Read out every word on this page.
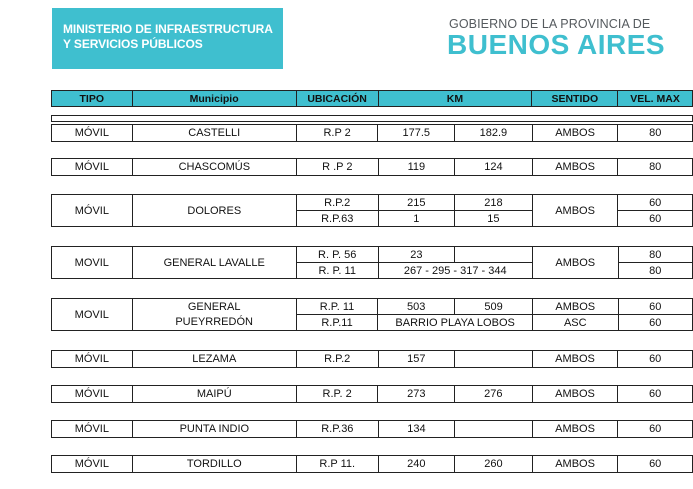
MINISTERIO DE INFRAESTRUCTURA
Y SERVICIOS PÚBLICOS
GOBIERNO DE LA PROVINCIA DE
BUENOS AIRES
TIPO	Municipio	UBICACIÓN	KM	SENTIDO	VEL. MAX
MÓVIL	CASTELLI	R.P 2	177.5	182.9	AMBOS	80
MÓVIL	CHASCOMÚS	R .P 2	119	124	AMBOS	80
MÓVIL	DOLORES	R.P.2	215	218	AMBOS	60
		R.P.63	1	15		60
MOVIL	GENERAL LAVALLE	R. P. 56	23		AMBOS	80
		R. P. 11	267 - 295 - 317 - 344			80
MOVIL	GENERAL	R.P. 11	503	509	AMBOS	60
	PUEYRREDÓN	R.P.11	BARRIO PLAYA LOBOS		ASC	60
MÓVIL	LEZAMA	R.P.2	157		AMBOS	60
MÓVIL	MAIPÚ	R.P. 2	273	276	AMBOS	60
MÓVIL	PUNTA INDIO	R.P.36	134		AMBOS	60
MÓVIL	TORDILLO	R.P 11.	240	260	AMBOS	60
